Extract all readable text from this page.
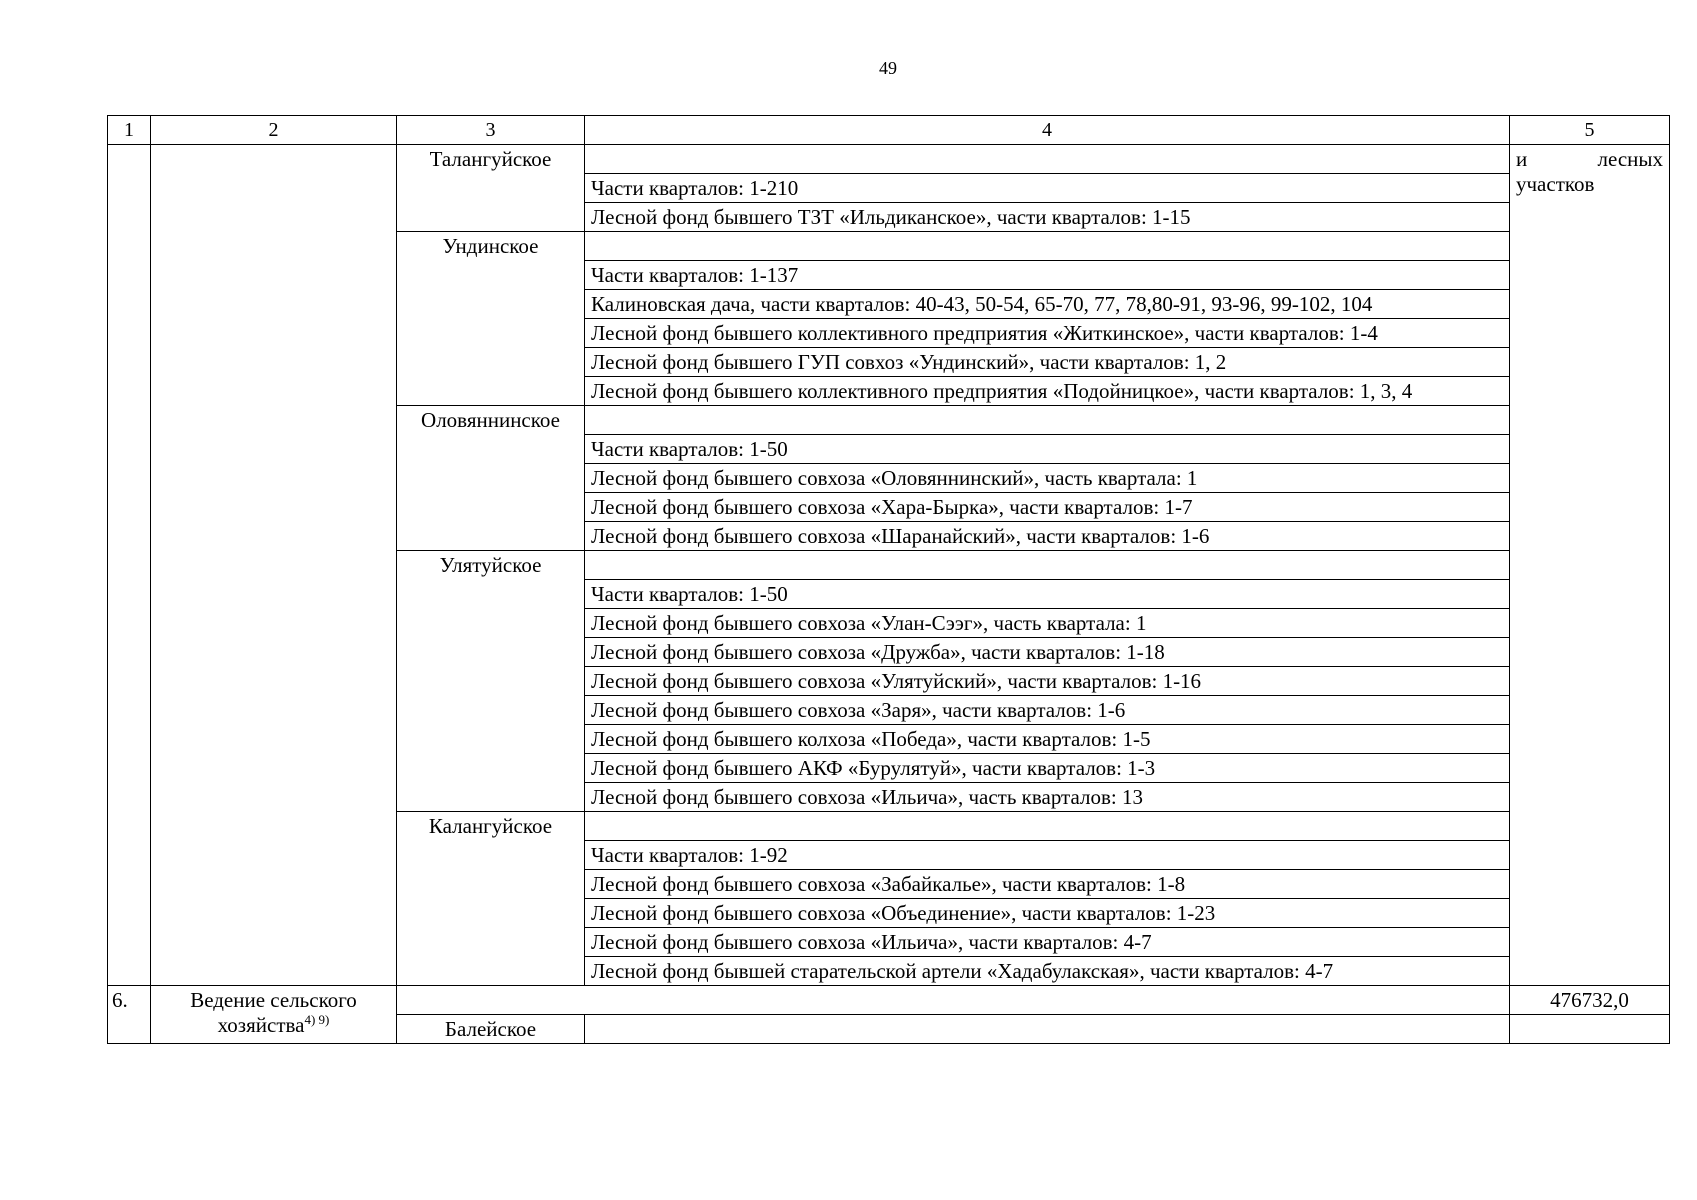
49
1	2	3	4	5
		Талангуйское		и лесных
участков

			Части кварталов: 1-210	
			Лесной фонд бывшего ТЗТ «Ильдиканское», части кварталов: 1-15	
		Ундинское		
			Части кварталов: 1-137	
			Калиновская дача, части кварталов: 40-43, 50-54, 65-70, 77, 78,80-91, 93-96, 99-102, 104	
			Лесной фонд бывшего коллективного предприятия «Житкинское», части кварталов: 1-4	
			Лесной фонд бывшего ГУП совхоз «Ундинский», части кварталов: 1, 2	
			Лесной фонд бывшего коллективного предприятия «Подойницкое», части кварталов: 1, 3, 4	
		Оловяннинское		
			Части кварталов: 1-50	
			Лесной фонд бывшего совхоза «Оловяннинский», часть квартала: 1	
			Лесной фонд бывшего совхоза «Хара-Бырка», части кварталов: 1-7	
			Лесной фонд бывшего совхоза «Шаранайский», части кварталов: 1-6	
		Улятуйское		
			Части кварталов: 1-50	
			Лесной фонд бывшего совхоза «Улан-Сээг», часть квартала: 1	
			Лесной фонд бывшего совхоза «Дружба», части кварталов: 1-18	
			Лесной фонд бывшего совхоза «Улятуйский», части кварталов: 1-16	
			Лесной фонд бывшего совхоза «Заря», части кварталов: 1-6	
			Лесной фонд бывшего колхоза «Победа», части кварталов: 1-5	
			Лесной фонд бывшего АКФ «Бурулятуй», части кварталов: 1-3	
			Лесной фонд бывшего совхоза «Ильича», часть кварталов: 13	
		Калангуйское		
			Части кварталов: 1-92	
			Лесной фонд бывшего совхоза «Забайкалье», части кварталов: 1-8	
			Лесной фонд бывшего совхоза «Объединение», части кварталов: 1-23	
			Лесной фонд бывшего совхоза «Ильича», части кварталов: 4-7	
			Лесной фонд бывшей старательской артели «Хадабулакская», части кварталов: 4-7	
6.	Ведение сельского
хозяйства$^{4) 9)}$			476732,0
		Балейское		
